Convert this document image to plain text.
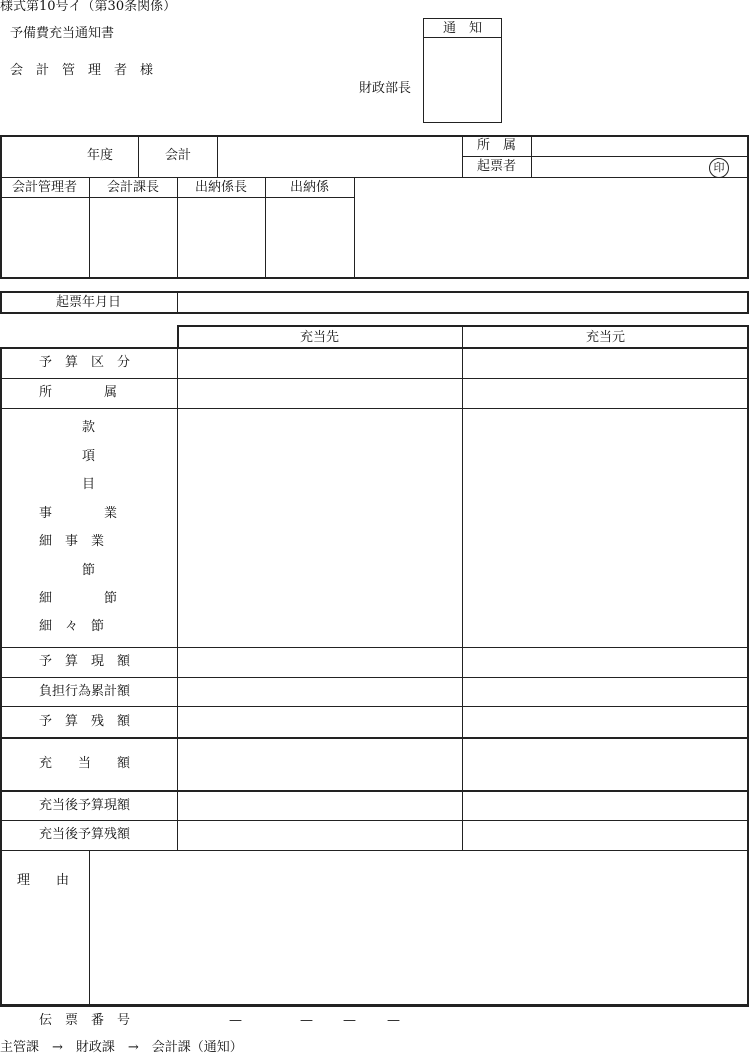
様式第10号イ（第30条関係）
予備費充当通知書
会　計　管　理　者　様
財政部長
通　知
年度	会計
所　属
起票者	印
会計管理者	会計課長	出納係長	出納係
起票年月日
充当先	充当元
予　算　区　分
所　　　　属
款
項
目
事　　　　業
細　事　業
節
細　　　　節
細　々　節
予　算　現　額
負担行為累計額
予　算　残　額
充　　当　　額
充当後予算現額
充当後予算残額
理　　由
伝　票　番　号	—	— — —
主管課　→　財政課　→　会計課（通知）
